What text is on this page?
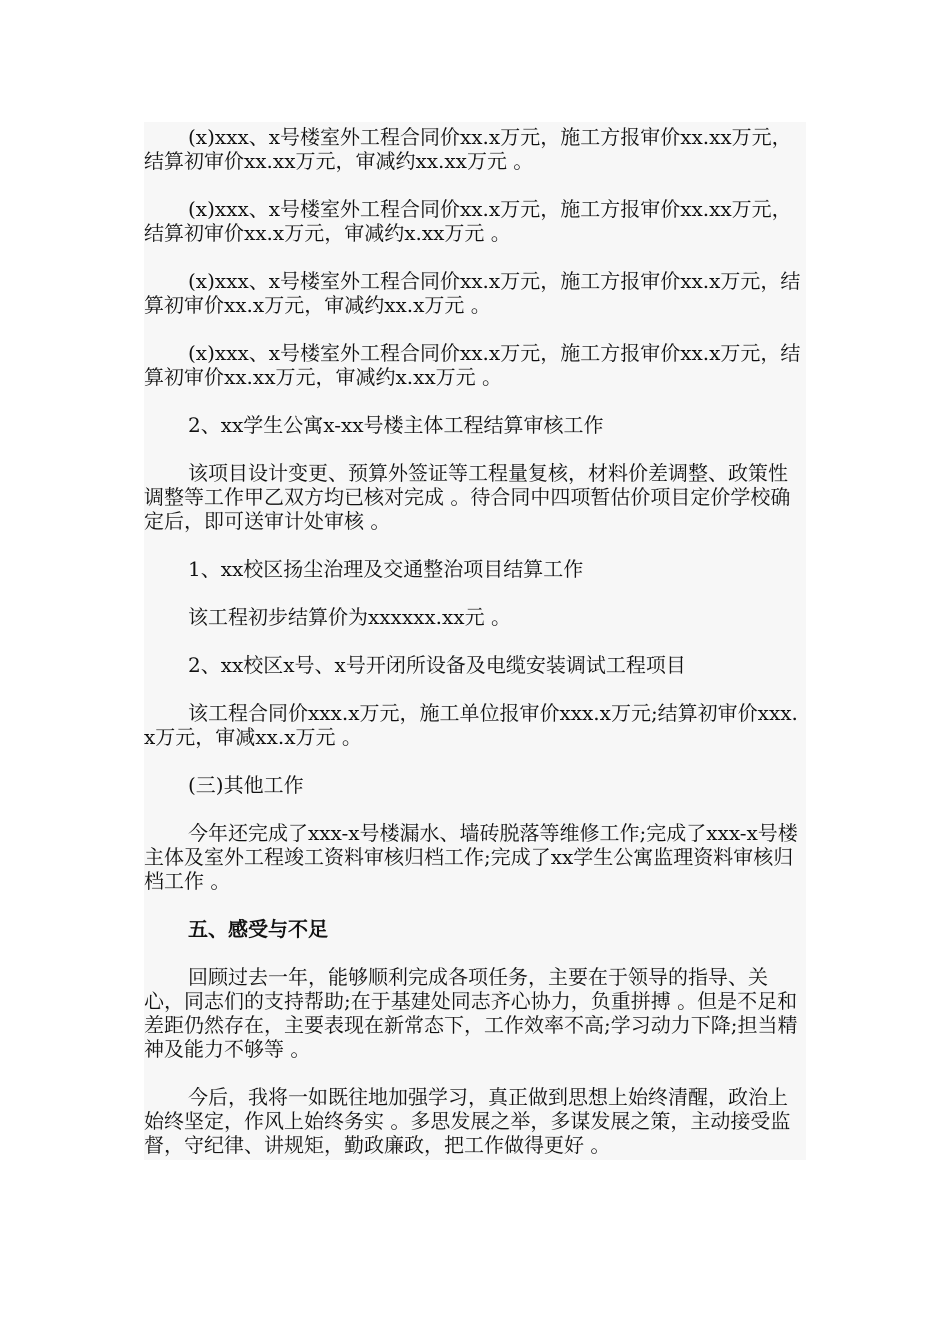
(x)xxx、x号楼室外工程合同价xx.x万元，施工方报审价xx.xx万元，结算初审价xx.xx万元，审减约xx.xx万元 。

(x)xxx、x号楼室外工程合同价xx.x万元，施工方报审价xx.xx万元，结算初审价xx.x万元，审减约x.xx万元 。

(x)xxx、x号楼室外工程合同价xx.x万元，施工方报审价xx.x万元，结算初审价xx.x万元，审减约xx.x万元 。

(x)xxx、x号楼室外工程合同价xx.x万元，施工方报审价xx.x万元，结算初审价xx.xx万元，审减约x.xx万元 。

2、xx学生公寓x-xx号楼主体工程结算审核工作

该项目设计变更、预算外签证等工程量复核，材料价差调整、政策性调整等工作甲乙双方均已核对完成 。待合同中四项暂估价项目定价学校确定后，即可送审计处审核 。

1、xx校区扬尘治理及交通整治项目结算工作

该工程初步结算价为xxxxxx.xx元 。

2、xx校区x号、x号开闭所设备及电缆安装调试工程项目

该工程合同价xxx.x万元，施工单位报审价xxx.x万元;结算初审价xxx.x万元，审减xx.x万元 。

(三)其他工作

今年还完成了xxx-x号楼漏水、墙砖脱落等维修工作;完成了xxx-x号楼主体及室外工程竣工资料审核归档工作;完成了xx学生公寓监理资料审核归档工作 。

五、感受与不足

回顾过去一年，能够顺利完成各项任务，主要在于领导的指导、关心，同志们的支持帮助;在于基建处同志齐心协力，负重拼搏 。但是不足和差距仍然存在，主要表现在新常态下，工作效率不高;学习动力下降;担当精神及能力不够等 。

今后，我将一如既往地加强学习，真正做到思想上始终清醒，政治上始终坚定，作风上始终务实 。多思发展之举，多谋发展之策，主动接受监督，守纪律、讲规矩，勤政廉政，把工作做得更好 。
